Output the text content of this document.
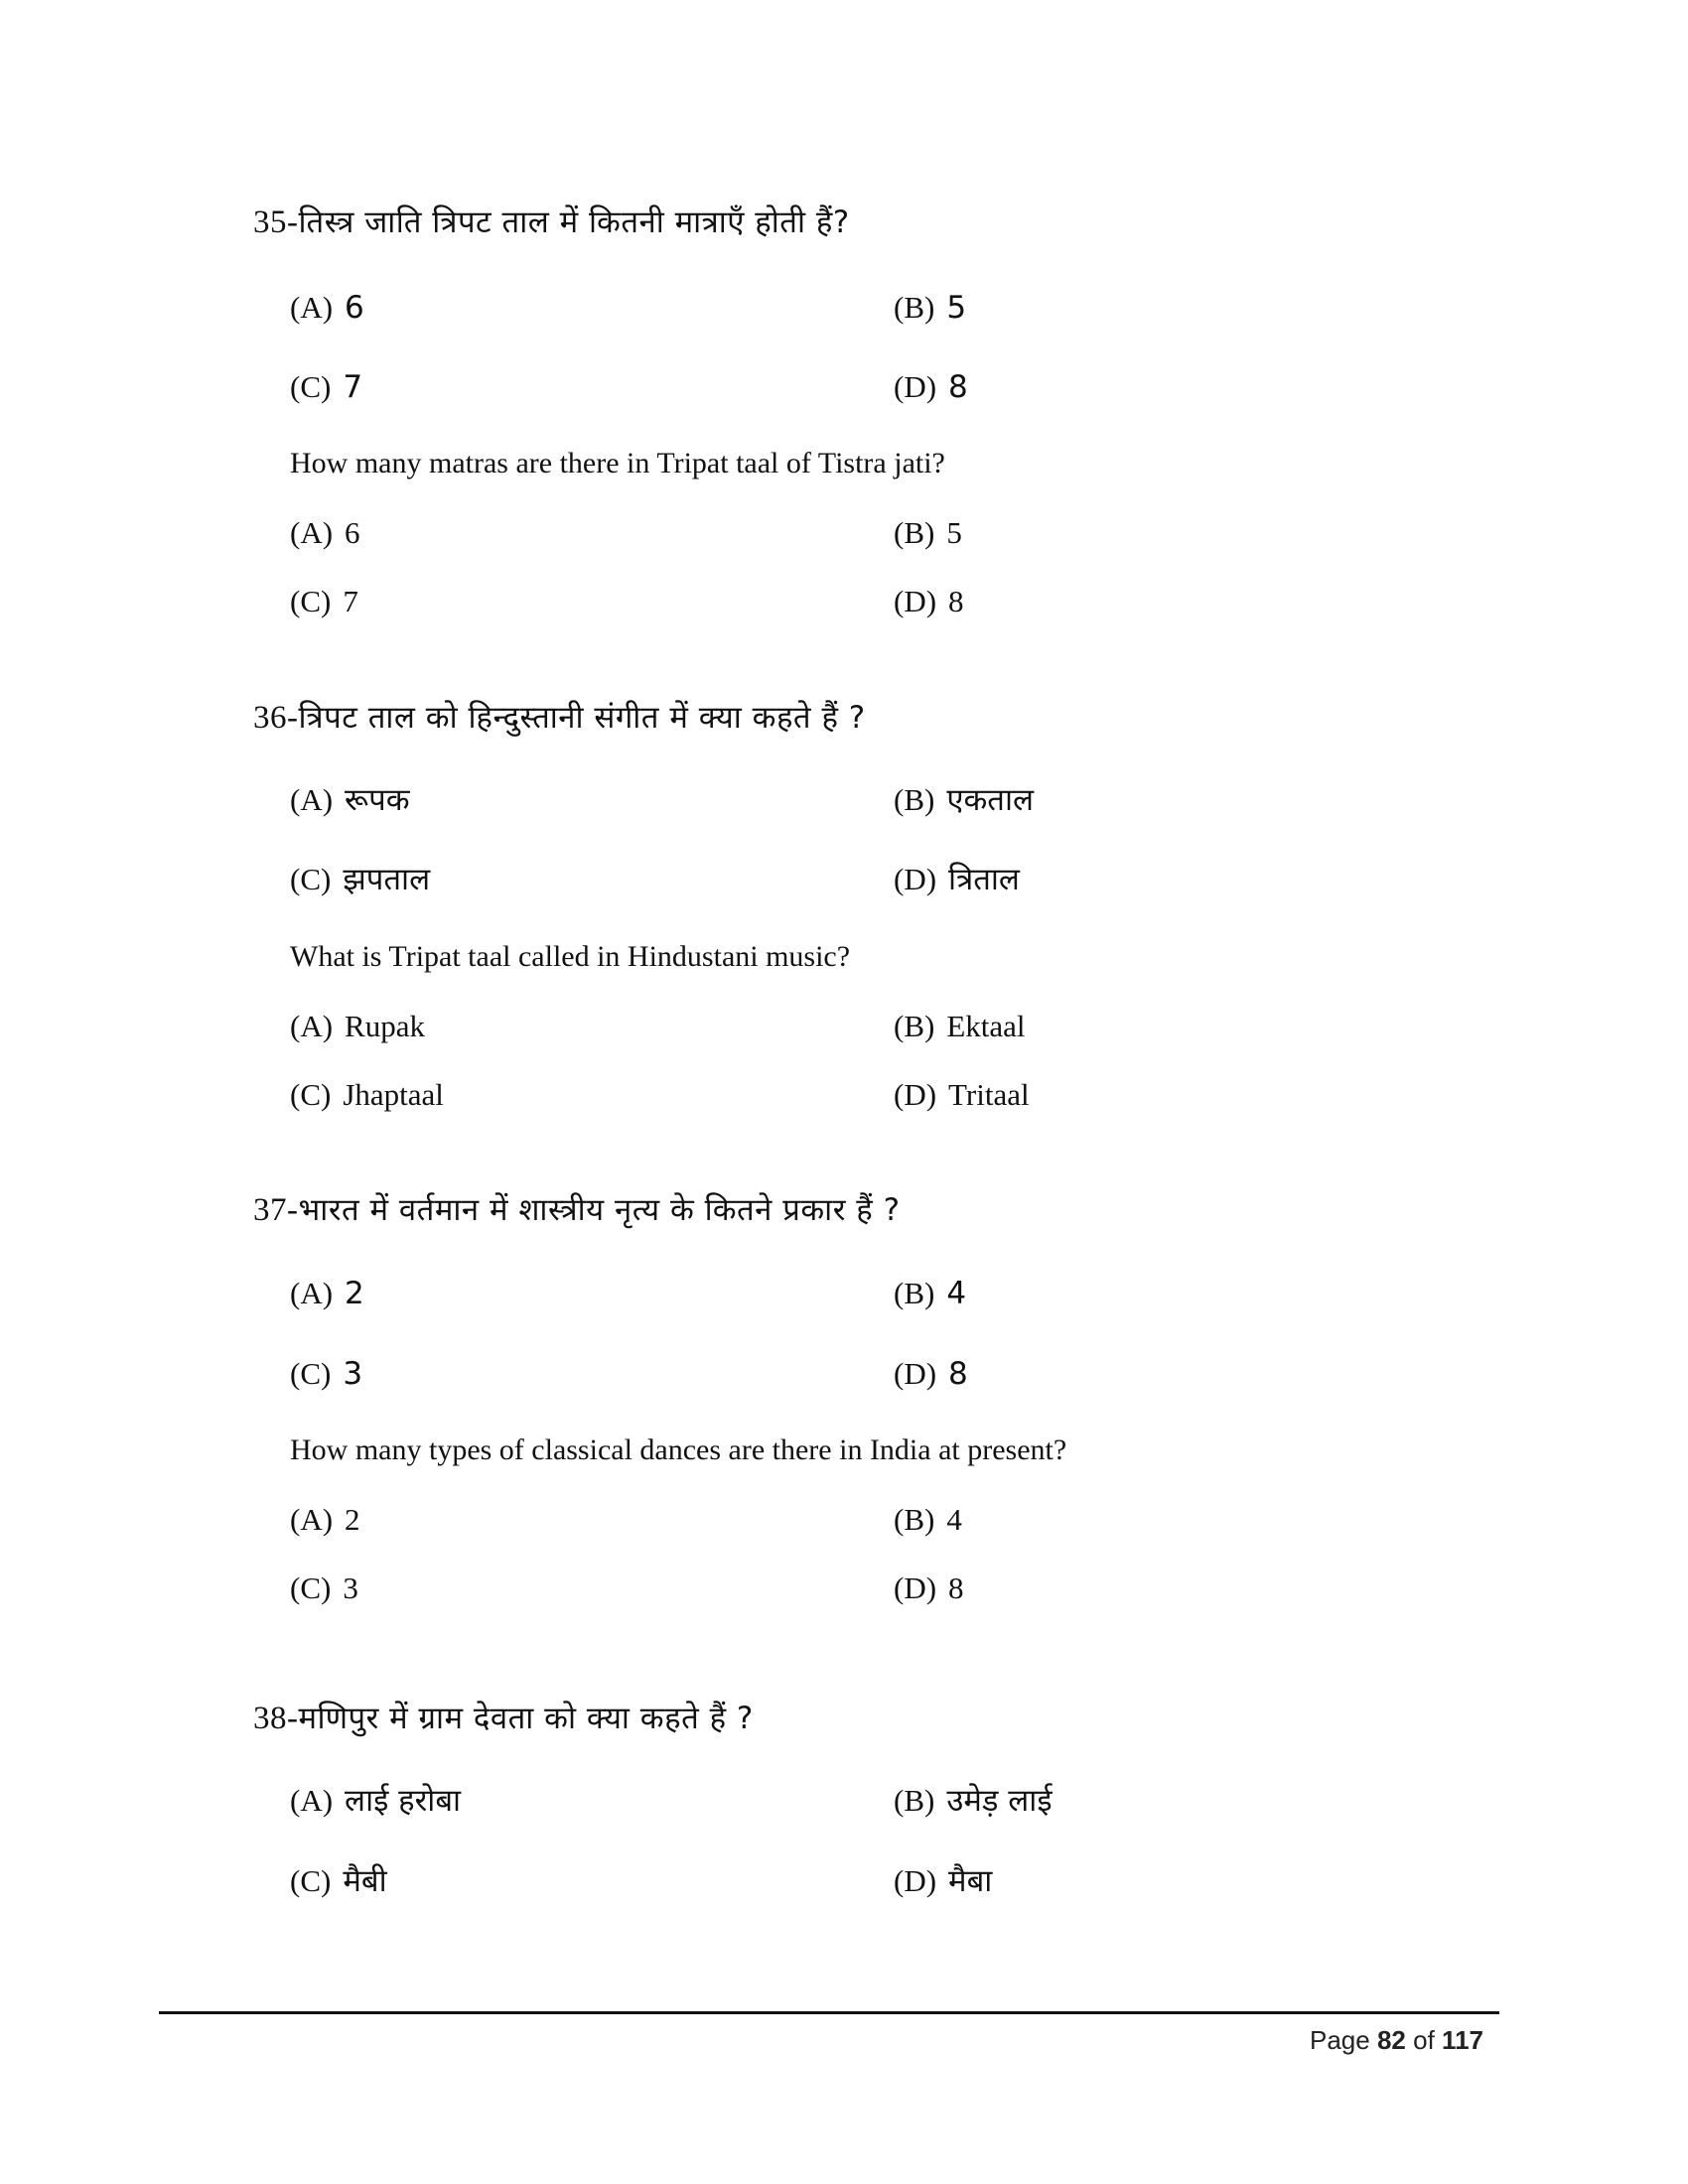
35-तिस्त्र जाति त्रिपट ताल में कितनी मात्राएँ होती हैं?
(A) 6	(B) 5
(C) 7	(D) 8
How many matras are there in Tripat taal of Tistra jati?
(A) 6	(B) 5
(C) 7	(D) 8
36-त्रिपट ताल को हिन्दुस्तानी संगीत में क्या कहते हैं ?
(A) रूपक	(B) एकताल
(C) झपताल	(D) त्रिताल
What is Tripat taal called in Hindustani music?
(A) Rupak	(B) Ektaal
(C) Jhaptaal	(D) Tritaal
37-भारत में वर्तमान में शास्त्रीय नृत्य के कितने प्रकार हैं ?
(A) 2	(B) 4
(C) 3	(D) 8
How many types of classical dances are there in India at present?
(A) 2	(B) 4
(C) 3	(D) 8
38-मणिपुर में ग्राम देवता को क्या कहते हैं ?
(A) लाई हरोबा	(B) उमेड़ लाई
(C) मैबी	(D) मैबा
Page 82 of 117
